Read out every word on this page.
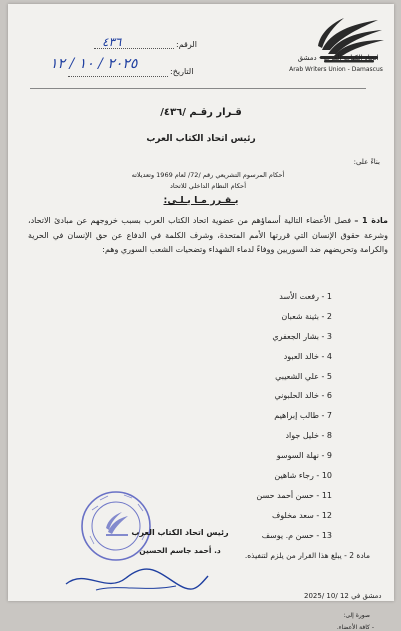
اتحاد الكتاب العرب - دمشق
Arab Writers Union - Damascus
الرقم:
٤٣٦
التاريخ:
٢٠٢٥ / ١٠ / ١٢
قـرار رقـم /٤٣٦/
رئيس اتحاد الكتاب العرب
بناءً على:
أحكام المرسوم التشريعي رقم /72/ لعام 1969 وتعديلاته
أحكام النظام الداخلي للاتحاد
يـقـرر مـا يـلـي:
مادة 1 – فصل الأعضاء التالية أسماؤهم من عضوية اتحاد الكتاب العرب بسبب خروجهم عن مبادئ الاتحاد، وشرعة حقوق الإنسان التي قررتها الأمم المتحدة، وشرف الكلمة في الدفاع عن حق الإنسان في الحرية والكرامة وتحريضهم ضد السوريين ووفاءً لدماء الشهداء وتضحيات الشعب السوري وهم:
1 - رفعت الأسد
2 - بثينة شعبان
3 - بشار الجعفري
4 - خالد العبود
5 - علي الشعيبي
6 - خالد الحلبوني
7 - طالب إبراهيم
8 - خليل جواد
9 - نهلة السوسو
10 - رجاء شاهين
11 - حسن أحمد حسن
12 - سعد مخلوف
13 - حسن م. يوسف
مادة 2 - يبلغ هذا القرار من يلزم لتنفيذه.
رئيس اتحاد الكتاب العرب
د. أحمد جاسم الحسين
دمشق في 12 /10 /2025
صورة إلى:
- كافة الأعضاء.
